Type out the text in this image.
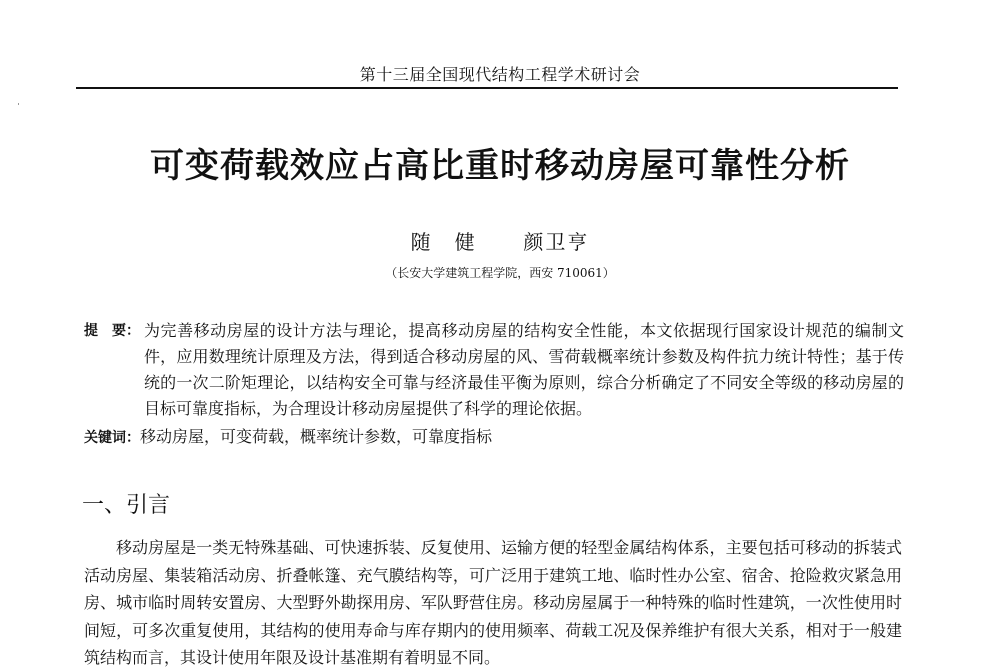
第十三届全国现代结构工程学术研讨会
可变荷载效应占高比重时移动房屋可靠性分析
随　健 颜卫亨
（长安大学建筑工程学院，西安 710061）
提　要： 为完善移动房屋的设计方法与理论，提高移动房屋的结构安全性能，本文依据现行国家设计规范的编制文件，应用数理统计原理及方法，得到适合移动房屋的风、雪荷载概率统计参数及构件抗力统计特性；基于传统的一次二阶矩理论，以结构安全可靠与经济最佳平衡为原则，综合分析确定了不同安全等级的移动房屋的目标可靠度指标，为合理设计移动房屋提供了科学的理论依据。
关键词：移动房屋，可变荷载，概率统计参数，可靠度指标
一、引言
移动房屋是一类无特殊基础、可快速拆装、反复使用、运输方便的轻型金属结构体系，主要包括可移动的拆装式活动房屋、集装箱活动房、折叠帐篷、充气膜结构等，可广泛用于建筑工地、临时性办公室、宿舍、抢险救灾紧急用房、城市临时周转安置房、大型野外勘探用房、军队野营住房。移动房屋属于一种特殊的临时性建筑，一次性使用时间短，可多次重复使用，其结构的使用寿命与库存期内的使用频率、荷载工况及保养维护有很大关系，相对于一般建筑结构而言，其设计使用年限及设计基准期有着明显不同。
